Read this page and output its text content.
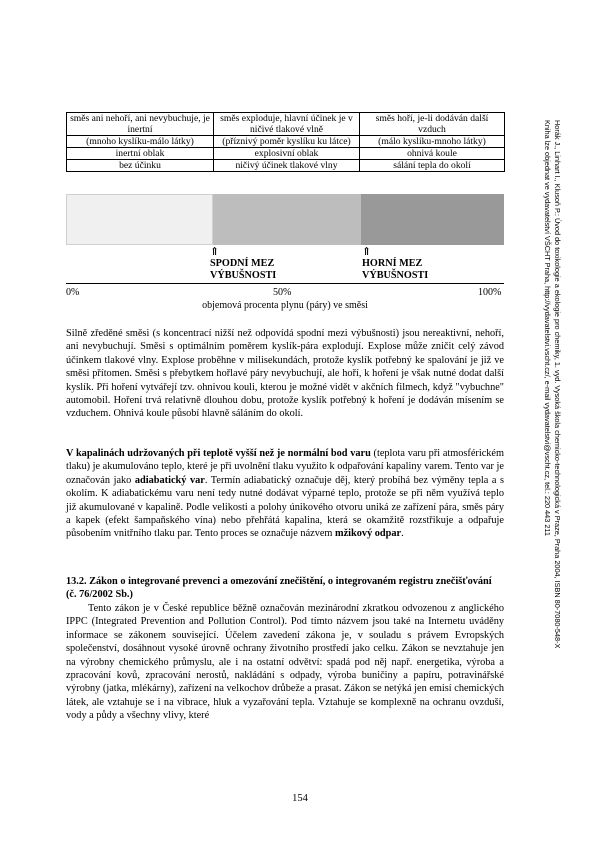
směs ani nehoří, ani nevybuchuje, je inertní	směs exploduje, hlavní účinek je v ničivé tlakové vlně	směs hoří, je-li dodáván další vzduch
(mnoho kyslíku-málo látky)	(příznivý poměr kyslíku ku látce)	(málo kyslíku-mnoho látky)
inertní oblak	explosivní oblak	ohnivá koule
bez účinku	ničivý účinek tlakové vlny	sálání tepla do okolí
⇑
SPODNÍ MEZ VÝBUŠNOSTI
⇑
HORNÍ MEZ VÝBUŠNOSTI
0%	50%	100%
objemová procenta plynu (páry) ve směsi

Silně zředěné směsi (s koncentrací nižší než odpovídá spodní mezi výbušnosti) jsou nereaktivní, nehoří, ani nevybuchují. Směsi s optimálním poměrem kyslík-pára explodují. Explose může zničit celý závod účinkem tlakové vlny. Explose proběhne v milisekundách, protože kyslík potřebný ke spalování je již ve směsi přítomen. Směsi s přebytkem hořlavé páry nevybuchují, ale hoří, k hoření je však nutné dodat další kyslík. Při hoření vytvářejí tzv. ohnivou kouli, kterou je možné vidět v akčních filmech, když "vybuchne" automobil. Hoření trvá relativně dlouhou dobu, protože kyslík potřebný k hoření je dodáván mísením se vzduchem. Ohnivá koule působí hlavně sáláním do okolí.

V kapalinách udržovaných při teplotě vyšší než je normální bod varu (teplota varu při atmosférickém tlaku) je akumulováno teplo, které je při uvolnění tlaku využito k odpařování kapaliny varem. Tento var je označován jako adiabatický var. Termín adiabatický označuje děj, který probíhá bez výměny tepla a s okolím. K adiabatickému varu není tedy nutné dodávat výparné teplo, protože se při něm využívá teplo již akumulované v kapalině. Podle velikosti a polohy únikového otvoru uniká ze zařízení pára, směs páry a kapek (efekt šampaňského vína) nebo přehřátá kapalina, která se okamžitě rozstřikuje a odpařuje působením vnitřního tlaku par. Tento proces se označuje názvem mžikový odpar.

13.2. Zákon o integrované prevenci a omezování znečištění, o integrovaném registru znečišťování (č. 76/2002 Sb.)

Tento zákon je v České republice běžně označován mezinárodní zkratkou odvozenou z anglického IPPC (Integrated Prevention and Pollution Control). Pod tímto názvem jsou také na Internetu uváděny informace se zákonem související. Účelem zavedení zákona je, v souladu s právem Evropských společenství, dosáhnout vysoké úrovně ochrany životního prostředí jako celku. Zákon se nevztahuje jen na výrobny chemického průmyslu, ale i na ostatní odvětví: spadá pod něj např. energetika, výroba a zpracování kovů, zpracování nerostů, nakládání s odpady, výroba buničiny a papíru, potravinářské výrobny (jatka, mlékárny), zařízení na velkochov drůbeže a prasat. Zákon se netýká jen emisí chemických látek, ale vztahuje se i na vibrace, hluk a vyzařování tepla. Vztahuje se komplexně na ochranu ovzduší, vody a půdy a všechny vlivy, které

154
Horák J., Linhart I., Klusoň P.: Úvod do toxikologie a ekologie pro chemiky, 1. vyd. Vysoká škola chemicko-technologická v Praze, Praha 2004, ISBN 80-7080-548-X
Kniha lze objednat ve vydavatelství VŠCHT Praha, http://vydavatelstvi.vscht.cz/, e-mail vydavatelstvi@vscht.cz, tel.: 220 443 211
